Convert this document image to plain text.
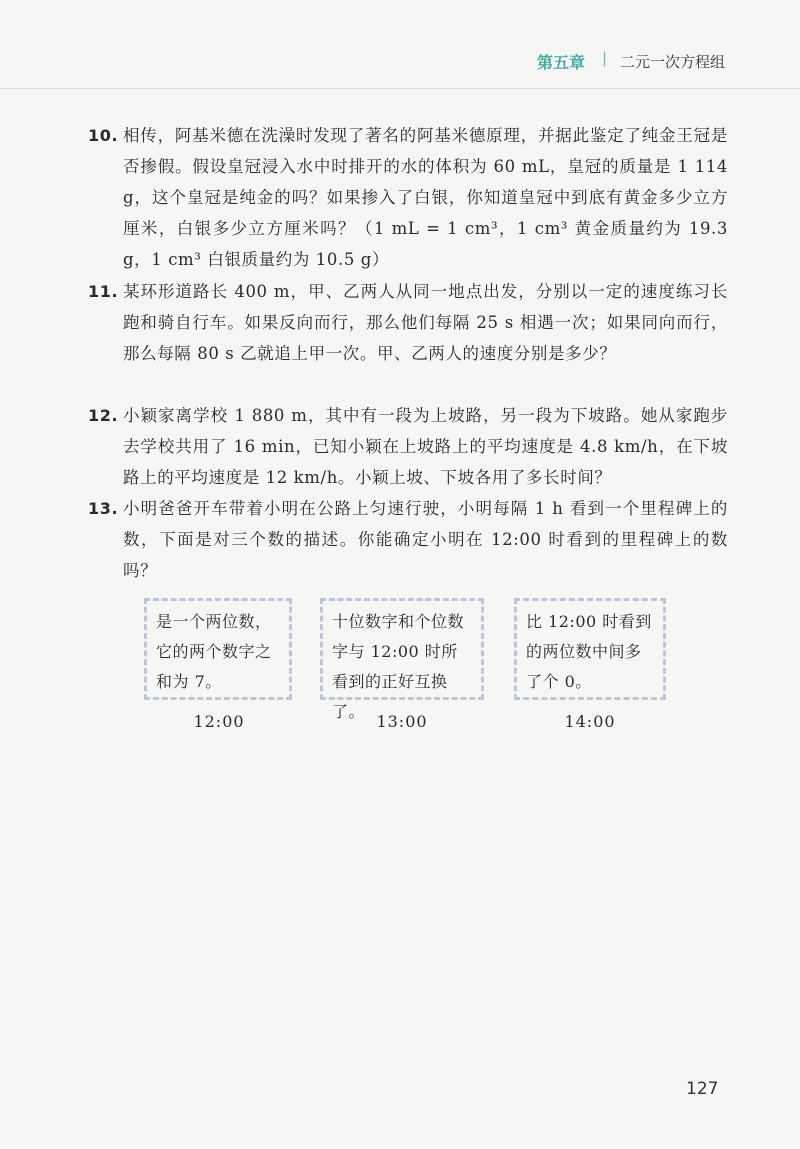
第五章 | 二元一次方程组
10. 相传，阿基米德在洗澡时发现了著名的阿基米德原理，并据此鉴定了纯金王冠是否掺假。假设皇冠浸入水中时排开的水的体积为 60 mL，皇冠的质量是 1 114 g，这个皇冠是纯金的吗？如果掺入了白银，你知道皇冠中到底有黄金多少立方厘米，白银多少立方厘米吗？（1 mL = 1 cm³，1 cm³ 黄金质量约为 19.3 g，1 cm³ 白银质量约为 10.5 g）
11. 某环形道路长 400 m，甲、乙两人从同一地点出发，分别以一定的速度练习长跑和骑自行车。如果反向而行，那么他们每隔 25 s 相遇一次；如果同向而行，那么每隔 80 s 乙就追上甲一次。甲、乙两人的速度分别是多少？
12. 小颖家离学校 1 880 m，其中有一段为上坡路，另一段为下坡路。她从家跑步去学校共用了 16 min，已知小颖在上坡路上的平均速度是 4.8 km/h，在下坡路上的平均速度是 12 km/h。小颖上坡、下坡各用了多长时间？
13. 小明爸爸开车带着小明在公路上匀速行驶，小明每隔 1 h 看到一个里程碑上的数，下面是对三个数的描述。你能确定小明在 12:00 时看到的里程碑上的数吗？
是一个两位数，它的两个数字之和为 7。
12:00
十位数字和个位数字与 12:00 时所看到的正好互换了。
13:00
比 12:00 时看到的两位数中间多了个 0。
14:00
127
